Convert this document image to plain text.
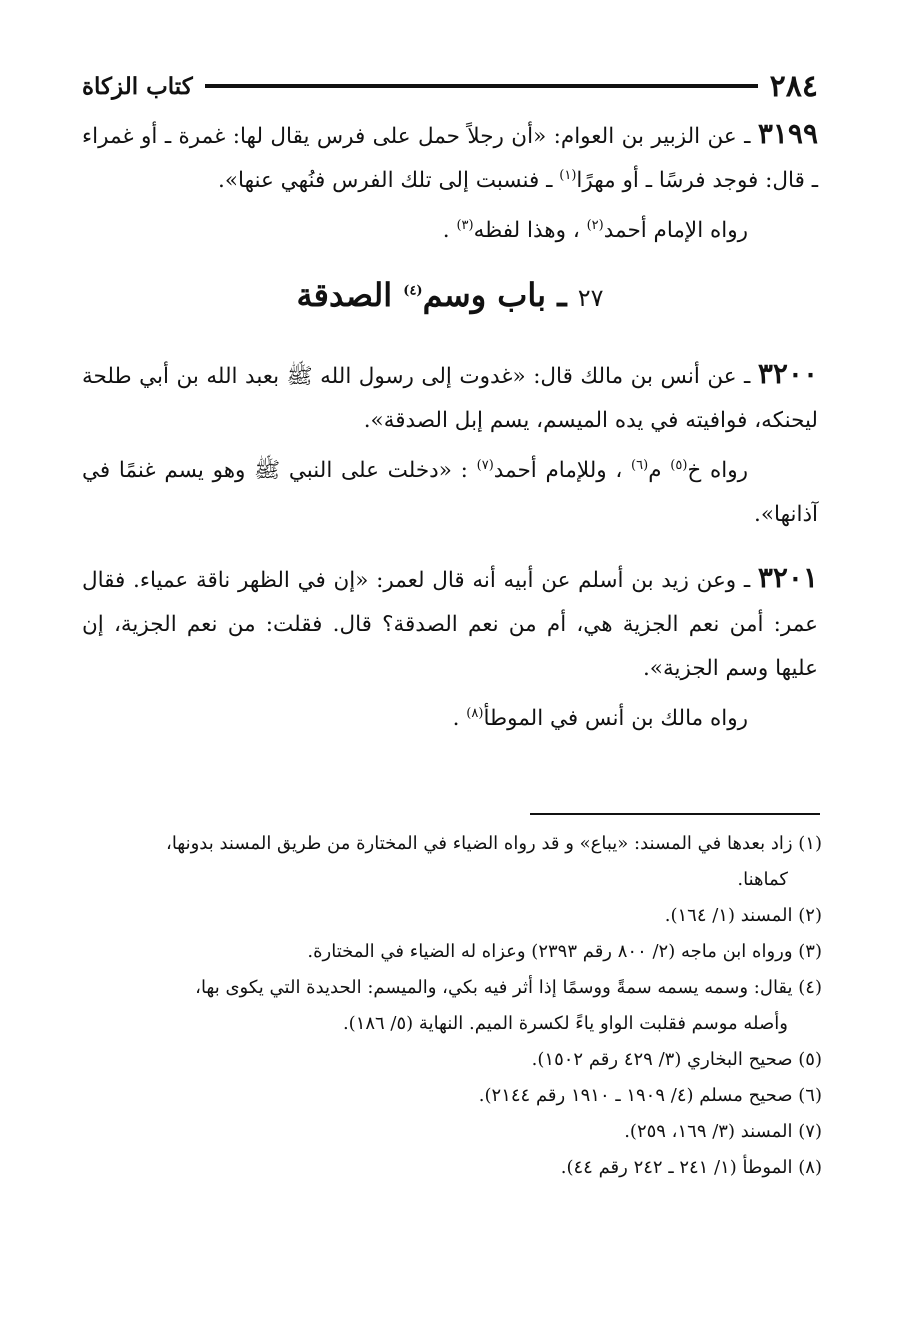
٢٨٤
كتاب الزكاة

٣١٩٩ ـ عن الزبير بن العوام: «أن رجلاً حمل على فرس يقال لها: غمرة ـ أو غمراء ـ قال: فوجد فرسًا ـ أو مهرًا$^{(١)}$ ـ فنسبت إلى تلك الفرس فنُهي عنها».

رواه الإمام أحمد$^{(٢)}$ ، وهذا لفظه$^{(٣)}$ .

٢٧ ـ باب وسم$^{(٤)}$ الصدقة

٣٢٠٠ ـ عن أنس بن مالك قال: «غدوت إلى رسول الله ﷺ بعبد الله بن أبي طلحة ليحنكه، فوافيته في يده الميسم، يسم إبل الصدقة».

رواه خ$^{(٥)}$ م$^{(٦)}$ ، وللإمام أحمد$^{(٧)}$ : «دخلت على النبي ﷺ وهو يسم غنمًا في آذانها».

٣٢٠١ ـ وعن زيد بن أسلم عن أبيه أنه قال لعمر: «إن في الظهر ناقة عمياء. فقال عمر: أمن نعم الجزية هي، أم من نعم الصدقة؟ قال. فقلت: من نعم الجزية، إن عليها وسم الجزية».

رواه مالك بن أنس في الموطأ$^{(٨)}$ .

(١) زاد بعدها في المسند: «يباع» و قد رواه الضياء في المختارة من طريق المسند بدونها،

كماهنا.

(٢) المسند (١/ ١٦٤).

(٣) ورواه ابن ماجه (٢/ ٨٠٠ رقم ٢٣٩٣) وعزاه له الضياء في المختارة.

(٤) يقال: وسمه يسمه سمةً ووسمًا إذا أثر فيه بكي، والميسم: الحديدة التي يكوى بها،

وأصله موسم فقلبت الواو ياءً لكسرة الميم. النهاية (٥/ ١٨٦).

(٥) صحيح البخاري (٣/ ٤٢٩ رقم ١٥٠٢).

(٦) صحيح مسلم (٤/ ١٩٠٩ ـ ١٩١٠ رقم ٢١٤٤).

(٧) المسند (٣/ ١٦٩، ٢٥٩).

(٨) الموطأ (١/ ٢٤١ ـ ٢٤٢ رقم ٤٤).
